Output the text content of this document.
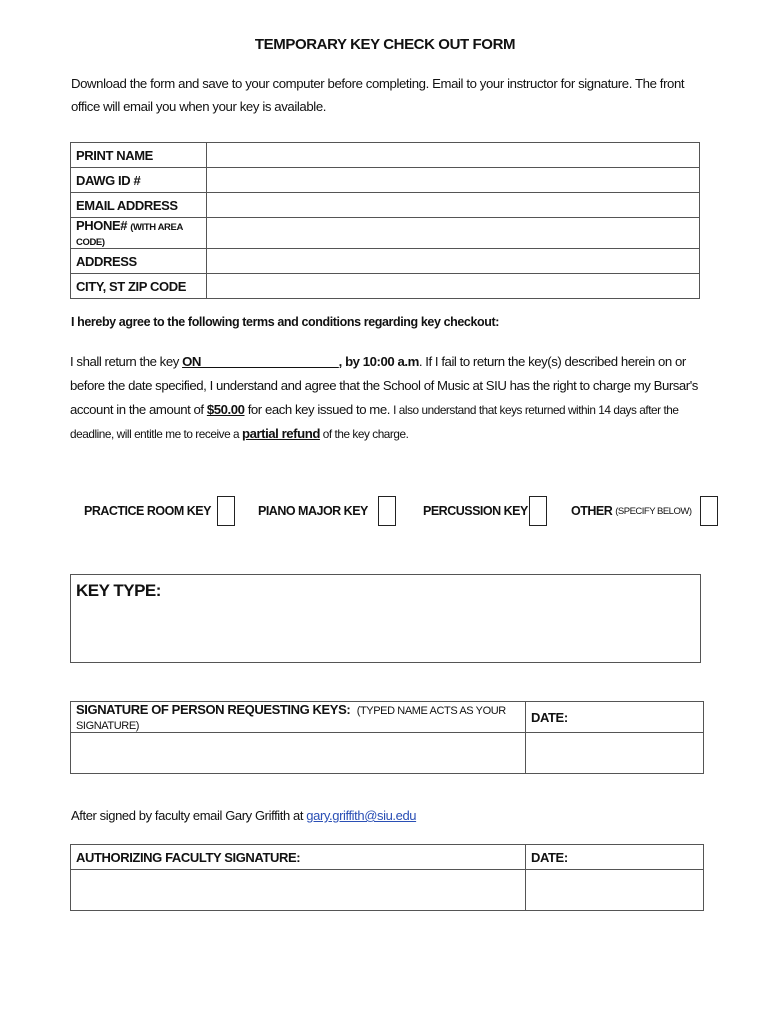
TEMPORARY KEY CHECK OUT FORM
Download the form and save to your computer before completing. Email to your instructor for signature. The front office will email you when your key is available.
PRINT NAME	
DAWG ID #	
EMAIL ADDRESS	
PHONE# (WITH AREA CODE)	
ADDRESS	
CITY, ST ZIP CODE	
I hereby agree to the following terms and conditions regarding key checkout:
I shall return the key ON____________________, by 10:00 a.m. If I fail to return the key(s) described herein on or before the date specified, I understand and agree that the School of Music at SIU has the right to charge my Bursar's account in the amount of $50.00 for each key issued to me. I also understand that keys returned within 14 days after the deadline, will entitle me to receive a partial refund of the key charge.
PRACTICE ROOM KEY	PIANO MAJOR KEY	PERCUSSION KEY	OTHER
(SPECIFY BELOW)
KEY TYPE:
SIGNATURE OF PERSON REQUESTING KEYS: (TYPED NAME ACTS AS YOUR SIGNATURE)	DATE:

After signed by faculty email Gary Griffith at gary.griffith@siu.edu
AUTHORIZING FACULTY SIGNATURE:	DATE:
